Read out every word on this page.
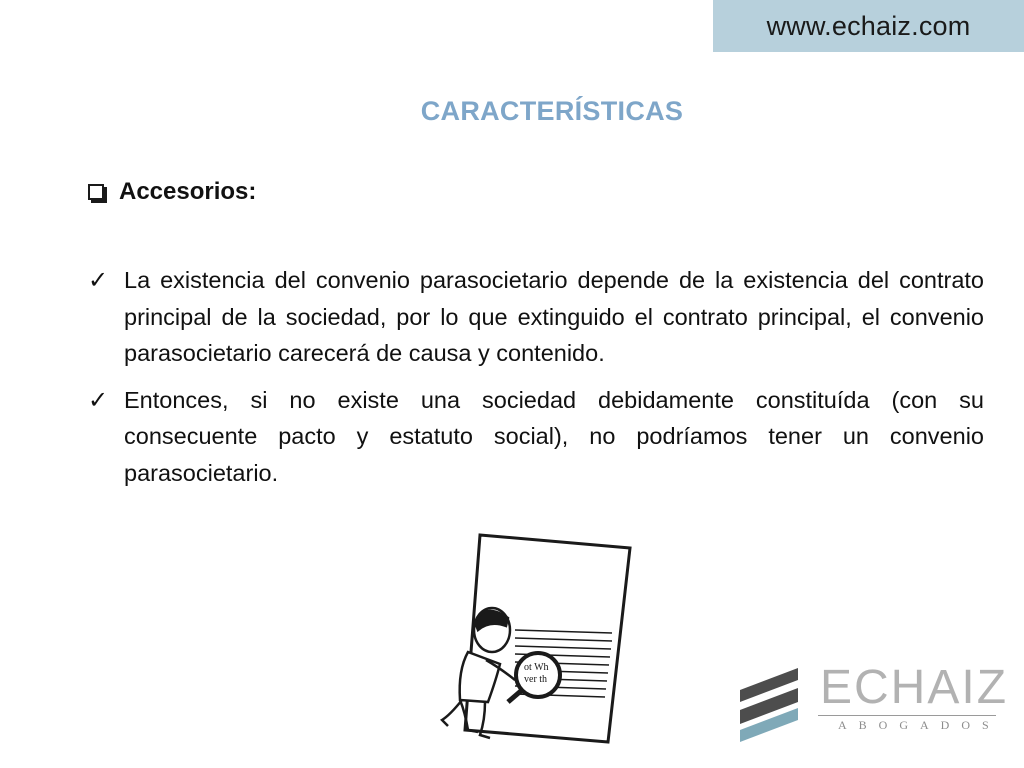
www.echaiz.com
CARACTERÍSTICAS
Accesorios:
✓ La existencia del convenio parasocietario depende de la existencia del contrato principal de la sociedad, por lo que extinguido el contrato principal, el convenio parasocietario carecerá de causa y contenido.
✓ Entonces, si no existe una sociedad debidamente constituída (con su consecuente pacto y estatuto social), no podríamos tener un convenio parasocietario.
ot Wh
ver th	ECHAIZ
ABOGADOS
